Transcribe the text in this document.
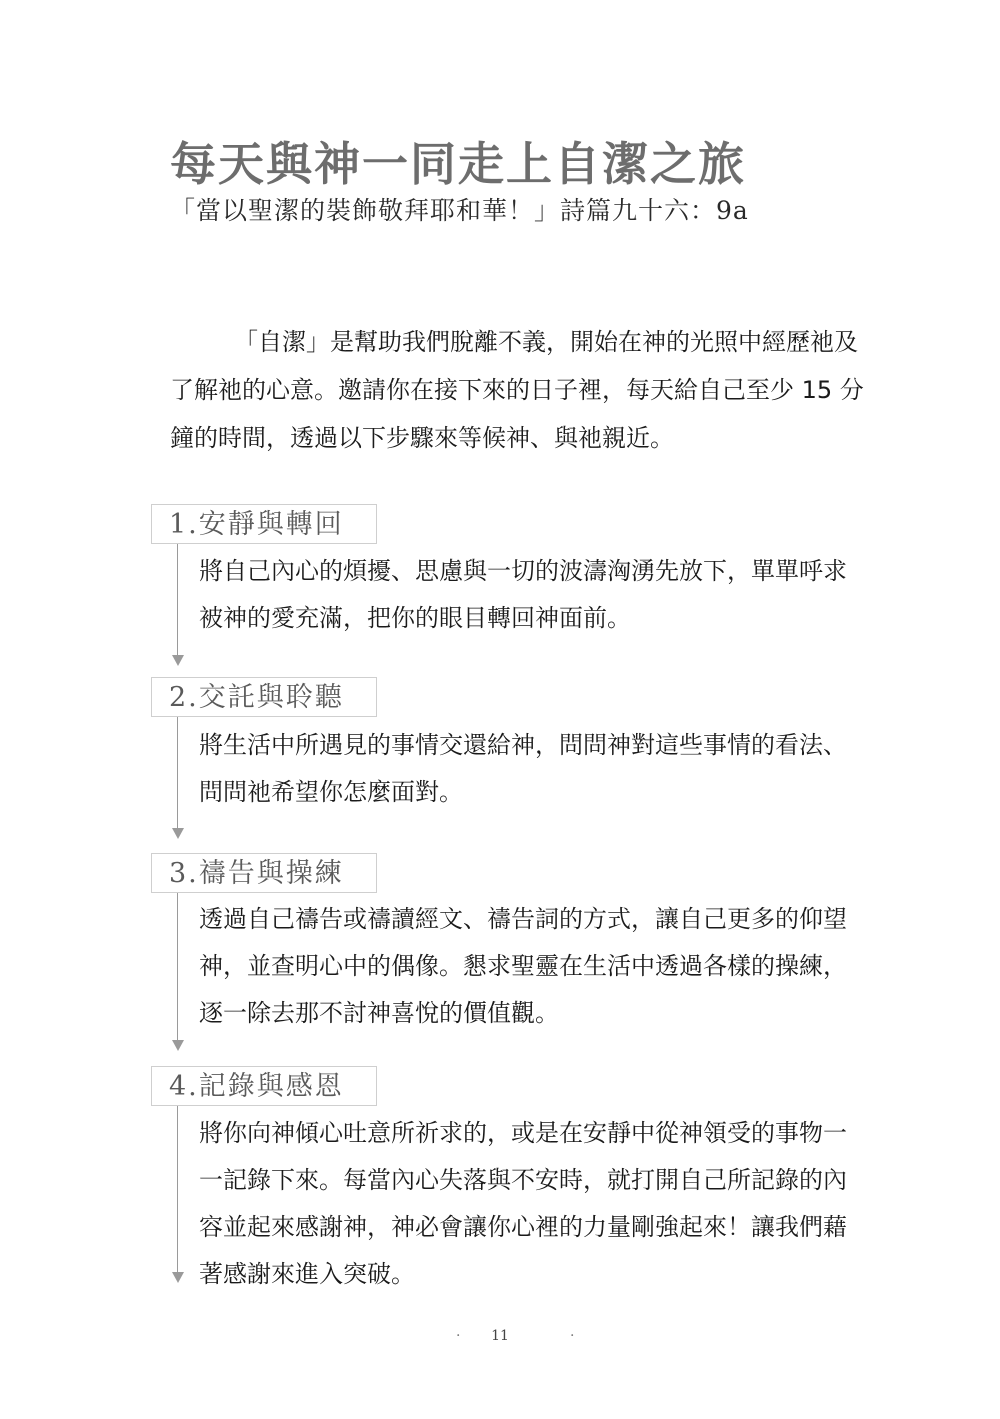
每天與神一同走上自潔之旅
「當以聖潔的裝飾敬拜耶和華！」詩篇九十六：9a

「自潔」是幫助我們脫離不義，開始在神的光照中經歷祂及了解祂的心意。邀請你在接下來的日子裡，每天給自己至少 15 分鐘的時間，透過以下步驟來等候神、與祂親近。

1.安靜與轉回

將自己內心的煩擾、思慮與一切的波濤洶湧先放下，單單呼求被神的愛充滿，把你的眼目轉回神面前。

2.交託與聆聽

將生活中所遇見的事情交還給神，問問神對這些事情的看法、問問祂希望你怎麼面對。

3.禱告與操練

透過自己禱告或禱讀經文、禱告詞的方式，讓自己更多的仰望神，並查明心中的偶像。懇求聖靈在生活中透過各樣的操練，逐一除去那不討神喜悅的價值觀。

4.記錄與感恩

將你向神傾心吐意所祈求的，或是在安靜中從神領受的事物一一記錄下來。每當內心失落與不安時，就打開自己所記錄的內容並起來感謝神，神必會讓你心裡的力量剛強起來！讓我們藉著感謝來進入突破。

· 11	·
